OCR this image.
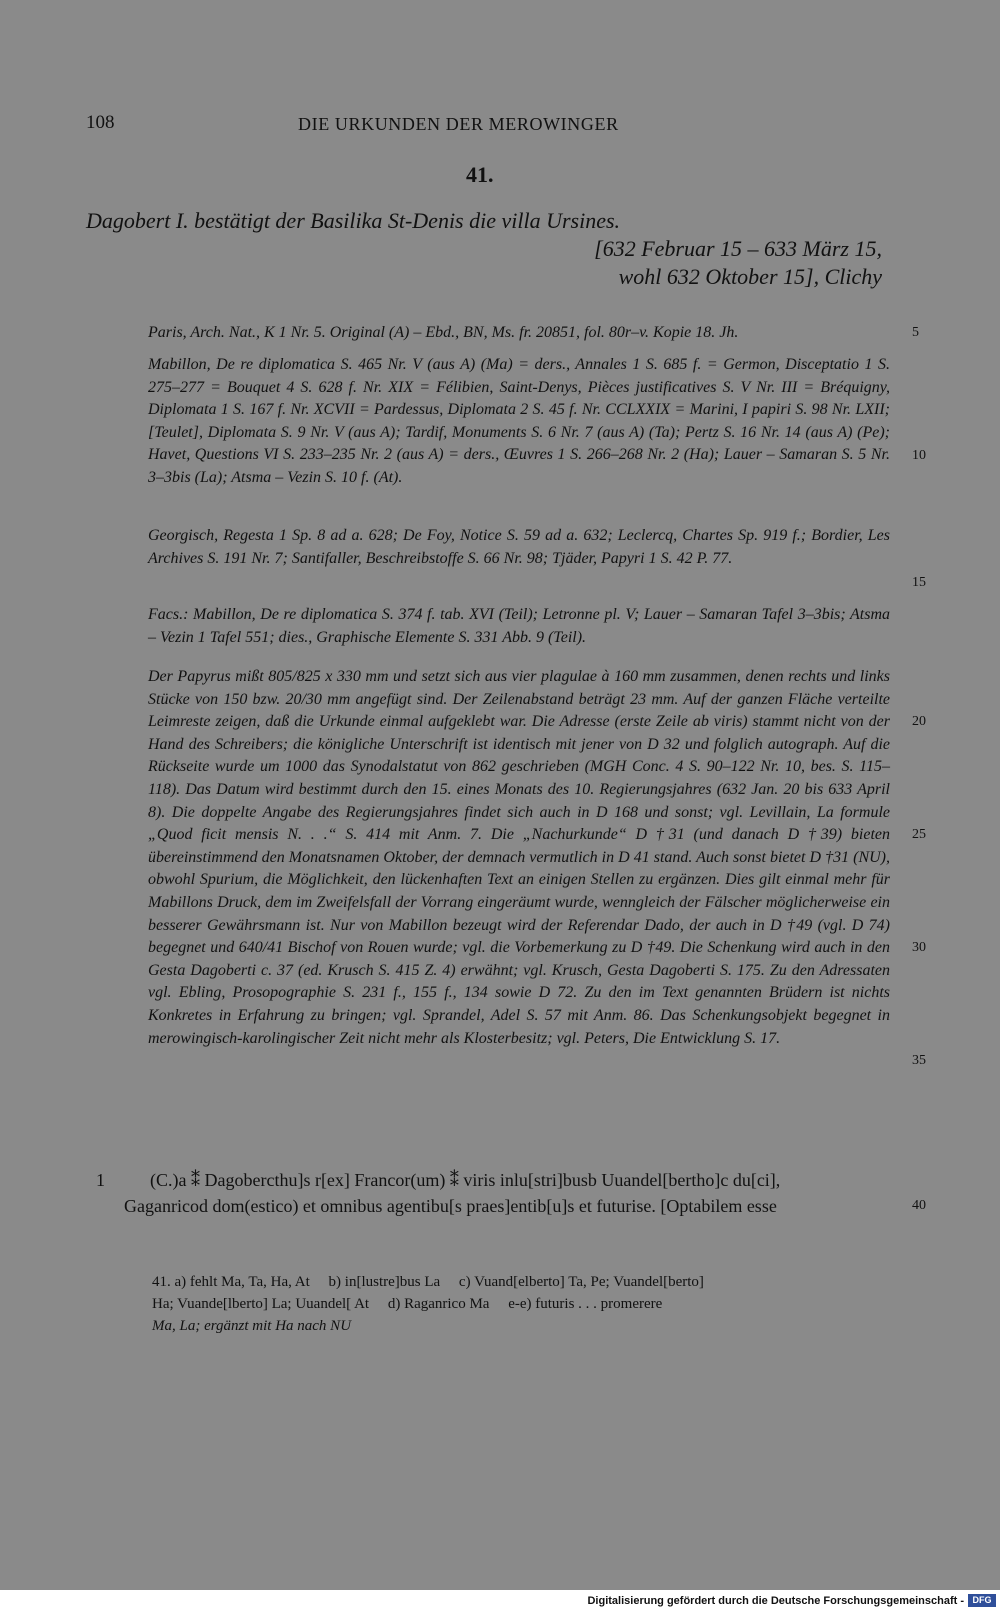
108	DIE URKUNDEN DER MEROWINGER
41.
Dagobert I. bestätigt der Basilika St-Denis die villa Ursines.
[632 Februar 15 – 633 März 15,
wohl 632 Oktober 15], Clichy
Paris, Arch. Nat., K 1 Nr. 5. Original (A) – Ebd., BN, Ms. fr. 20851, fol. 80r–v. Kopie 18. Jh.
Mabillon, De re diplomatica S. 465 Nr. V (aus A) (Ma) = ders., Annales 1 S. 685 f. = Germon, Disceptatio 1 S. 275–277 = Bouquet 4 S. 628 f. Nr. XIX = Félibien, Saint-Denys, Pièces justificatives S. V Nr. III = Bréquigny, Diplomata 1 S. 167 f. Nr. XCVII = Pardessus, Diplomata 2 S. 45 f. Nr. CCLXXIX = Marini, I papiri S. 98 Nr. LXII; [Teulet], Diplomata S. 9 Nr. V (aus A); Tardif, Monuments S. 6 Nr. 7 (aus A) (Ta); Pertz S. 16 Nr. 14 (aus A) (Pe); Havet, Questions VI S. 233–235 Nr. 2 (aus A) = ders., Œuvres 1 S. 266–268 Nr. 2 (Ha); Lauer – Samaran S. 5 Nr. 3–3bis (La); Atsma – Vezin S. 10 f. (At).
Georgisch, Regesta 1 Sp. 8 ad a. 628; De Foy, Notice S. 59 ad a. 632; Leclercq, Chartes Sp. 919 f.; Bordier, Les Archives S. 191 Nr. 7; Santifaller, Beschreibstoffe S. 66 Nr. 98; Tjäder, Papyri 1 S. 42 P. 77.
Facs.: Mabillon, De re diplomatica S. 374 f. tab. XVI (Teil); Letronne pl. V; Lauer – Samaran Tafel 3–3bis; Atsma – Vezin 1 Tafel 551; dies., Graphische Elemente S. 331 Abb. 9 (Teil).
Der Papyrus mißt 805/825 x 330 mm und setzt sich aus vier plagulae à 160 mm zusammen, denen rechts und links Stücke von 150 bzw. 20/30 mm angefügt sind. Der Zeilenabstand beträgt 23 mm. Auf der ganzen Fläche verteilte Leimreste zeigen, daß die Urkunde einmal aufgeklebt war. Die Adresse (erste Zeile ab viris) stammt nicht von der Hand des Schreibers; die königliche Unterschrift ist identisch mit jener von D 32 und folglich autograph. Auf die Rückseite wurde um 1000 das Synodalstatut von 862 geschrieben (MGH Conc. 4 S. 90–122 Nr. 10, bes. S. 115–118). Das Datum wird bestimmt durch den 15. eines Monats des 10. Regierungsjahres (632 Jan. 20 bis 633 April 8). Die doppelte Angabe des Regierungsjahres findet sich auch in D 168 und sonst; vgl. Levillain, La formule „Quod ficit mensis N. . .“ S. 414 mit Anm. 7. Die „Nachurkunde“ D †31 (und danach D †39) bieten übereinstimmend den Monatsnamen Oktober, der demnach vermutlich in D 41 stand. Auch sonst bietet D †31 (NU), obwohl Spurium, die Möglichkeit, den lückenhaften Text an einigen Stellen zu ergänzen. Dies gilt einmal mehr für Mabillons Druck, dem im Zweifelsfall der Vorrang eingeräumt wurde, wenngleich der Fälscher möglicherweise ein besserer Gewährsmann ist. Nur von Mabillon bezeugt wird der Referendar Dado, der auch in D †49 (vgl. D 74) begegnet und 640/41 Bischof von Rouen wurde; vgl. die Vorbemerkung zu D †49. Die Schenkung wird auch in den Gesta Dagoberti c. 37 (ed. Krusch S. 415 Z. 4) erwähnt; vgl. Krusch, Gesta Dagoberti S. 175. Zu den Adressaten vgl. Ebling, Prosopographie S. 231 f., 155 f., 134 sowie D 72. Zu den im Text genannten Brüdern ist nichts Konkretes in Erfahrung zu bringen; vgl. Sprandel, Adel S. 57 mit Anm. 86. Das Schenkungsobjekt begegnet in merowingisch-karolingischer Zeit nicht mehr als Klosterbesitz; vgl. Peters, Die Entwicklung S. 17.
5
10
15
20
25
30
35
40
1	(C.)a ⁑ Dagobercthu]s r[ex] Francor(um) ⁑ viris inlu[stri]busb Uuandel[bertho]c du[ci],
Gaganricod dom(estico) et omnibus agentibu[s praes]entib[u]s et futurise. [Optabilem esse
41. a) fehlt Ma, Ta, Ha, At     b) in[lustre]bus La     c) Vuand[elberto] Ta, Pe; Vuandel[berto]
Ha; Vuande[lberto] La; Uuandel[ At     d) Raganrico Ma     e-e) futuris . . . promerere
Ma, La; ergänzt mit Ha nach NU
Digitalisierung gefördert durch die Deutsche Forschungsgemeinschaft - DFG
